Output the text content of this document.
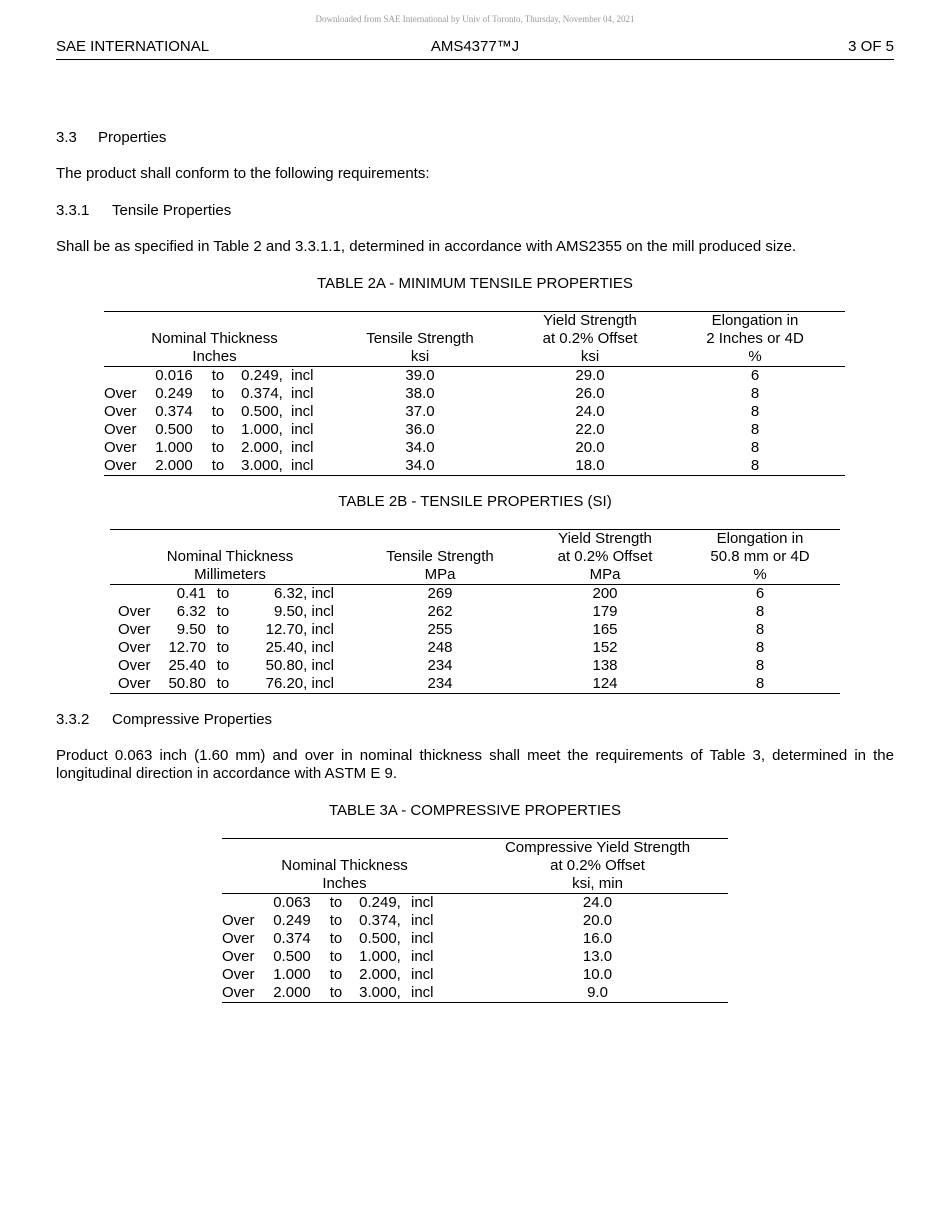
Downloaded from SAE International by Univ of Toronto, Thursday, November 04, 2021
SAE INTERNATIONAL	AMS4377™J	3 OF 5
3.3 Properties
The product shall conform to the following requirements:
3.3.1 Tensile Properties
Shall be as specified in Table 2 and 3.3.1.1, determined in accordance with AMS2355 on the mill produced size.
TABLE 2A - MINIMUM TENSILE PROPERTIES
						Yield Strength	Elongation in
Nominal Thickness					Tensile Strength	at 0.2% Offset	2 Inches or 4D
Inches					ksi	ksi	%
	0.016	to	0.249,	incl	39.0	29.0	6
Over	0.249	to	0.374,	incl	38.0	26.0	8
Over	0.374	to	0.500,	incl	37.0	24.0	8
Over	0.500	to	1.000,	incl	36.0	22.0	8
Over	1.000	to	2.000,	incl	34.0	20.0	8
Over	2.000	to	3.000,	incl	34.0	18.0	8
TABLE 2B - TENSILE PROPERTIES (SI)
					Yield Strength	Elongation in
Nominal Thickness				Tensile Strength	at 0.2% Offset	50.8 mm or 4D
Millimeters				MPa	MPa	%
	0.41	to	6.32, incl	269	200	6
Over	6.32	to	9.50, incl	262	179	8
Over	9.50	to	12.70, incl	255	165	8
Over	12.70	to	25.40, incl	248	152	8
Over	25.40	to	50.80, incl	234	138	8
Over	50.80	to	76.20, incl	234	124	8
3.3.2 Compressive Properties
Product 0.063 inch (1.60 mm) and over in nominal thickness shall meet the requirements of Table 3, determined in the longitudinal direction in accordance with ASTM E 9.
TABLE 3A - COMPRESSIVE PROPERTIES
					Compressive Yield Strength
Nominal Thickness					at 0.2% Offset
Inches					ksi, min
	0.063	to	0.249,	incl	24.0
Over	0.249	to	0.374,	incl	20.0
Over	0.374	to	0.500,	incl	16.0
Over	0.500	to	1.000,	incl	13.0
Over	1.000	to	2.000,	incl	10.0
Over	2.000	to	3.000,	incl	9.0
